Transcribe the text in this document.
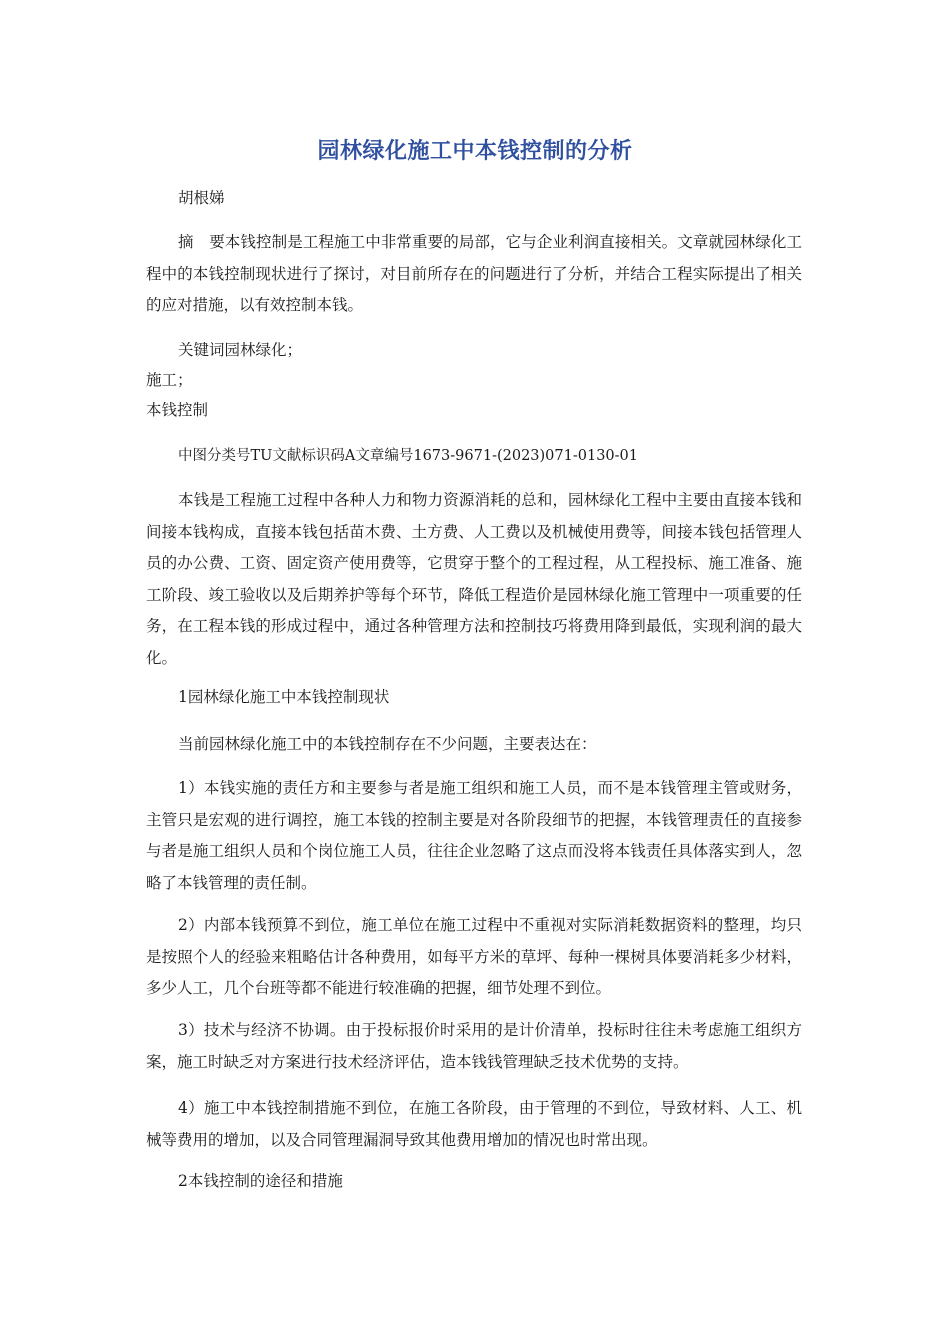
园林绿化施工中本钱控制的分析
胡根娣
摘　要本钱控制是工程施工中非常重要的局部，它与企业利润直接相关。文章就园林绿化工程中的本钱控制现状进行了探讨，对目前所存在的问题进行了分析，并结合工程实际提出了相关的应对措施，以有效控制本钱。
关键词园林绿化；
施工；
本钱控制
中图分类号TU文献标识码A文章编号1673-9671-(2023)071-0130-01
本钱是工程施工过程中各种人力和物力资源消耗的总和，园林绿化工程中主要由直接本钱和间接本钱构成，直接本钱包括苗木费、土方费、人工费以及机械使用费等，间接本钱包括管理人员的办公费、工资、固定资产使用费等，它贯穿于整个的工程过程，从工程投标、施工准备、施工阶段、竣工验收以及后期养护等每个环节，降低工程造价是园林绿化施工管理中一项重要的任务，在工程本钱的形成过程中，通过各种管理方法和控制技巧将费用降到最低，实现利润的最大化。
1园林绿化施工中本钱控制现状
当前园林绿化施工中的本钱控制存在不少问题，主要表达在：
1）本钱实施的责任方和主要参与者是施工组织和施工人员，而不是本钱管理主管或财务，主管只是宏观的进行调控，施工本钱的控制主要是对各阶段细节的把握，本钱管理责任的直接参与者是施工组织人员和个岗位施工人员，往往企业忽略了这点而没将本钱责任具体落实到人，忽略了本钱管理的责任制。
2）内部本钱预算不到位，施工单位在施工过程中不重视对实际消耗数据资料的整理，均只是按照个人的经验来粗略估计各种费用，如每平方米的草坪、每种一棵树具体要消耗多少材料，多少人工，几个台班等都不能进行较准确的把握，细节处理不到位。
3）技术与经济不协调。由于投标报价时采用的是计价清单，投标时往往未考虑施工组织方案，施工时缺乏对方案进行技术经济评估，造本钱钱管理缺乏技术优势的支持。
4）施工中本钱控制措施不到位，在施工各阶段，由于管理的不到位，导致材料、人工、机械等费用的增加，以及合同管理漏洞导致其他费用增加的情况也时常出现。
2本钱控制的途径和措施
